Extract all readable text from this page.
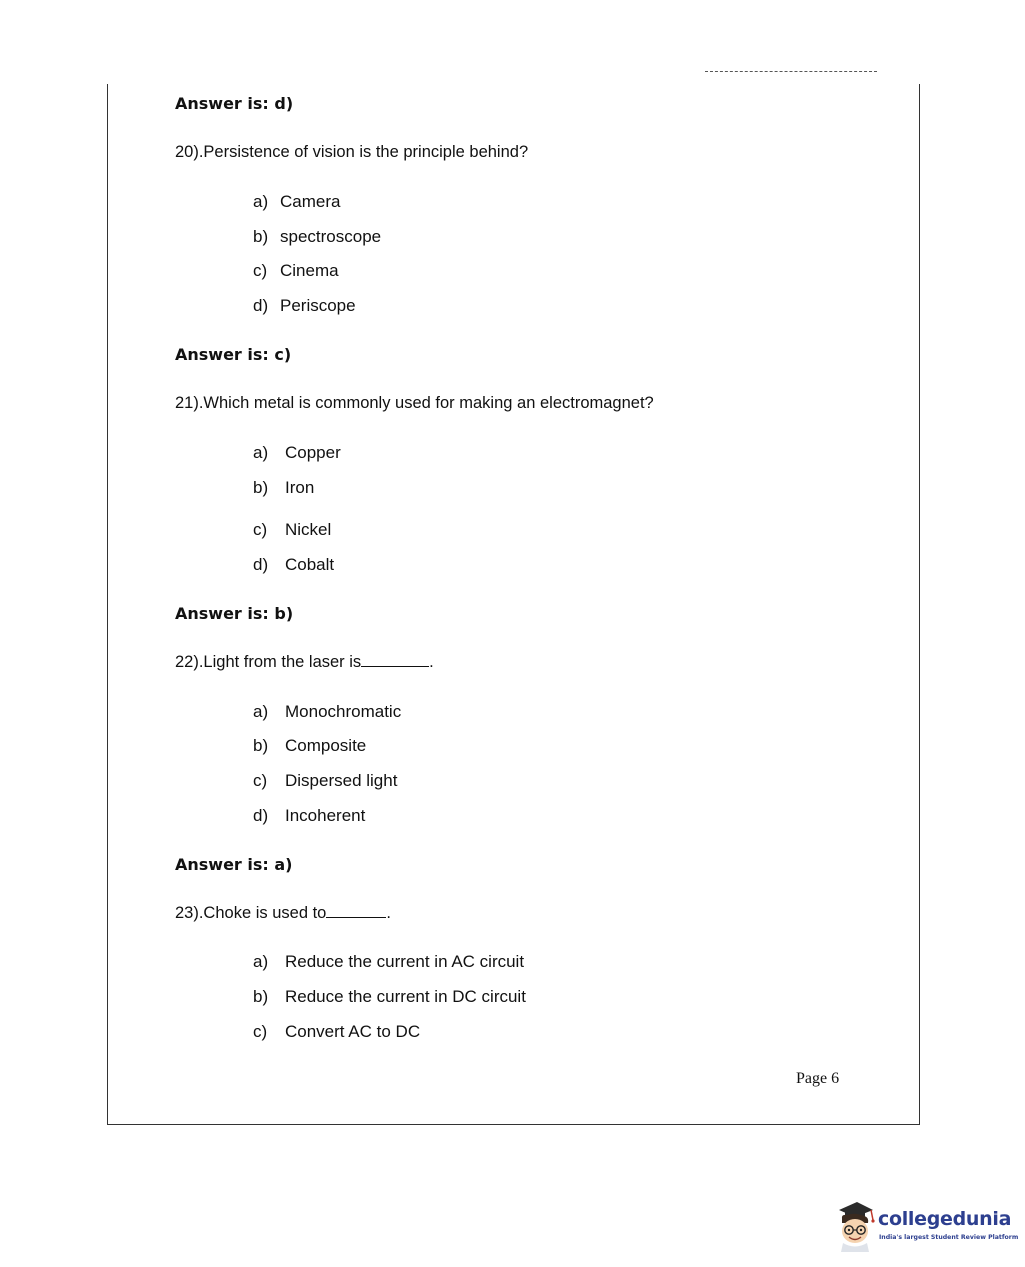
Answer is: d)
20).Persistence of vision is the principle behind?
a) Camera
b) spectroscope
c) Cinema
d) Periscope
Answer is: c)
21).Which metal is commonly used for making an electromagnet?
a) Copper
b) Iron
c) Nickel
d) Cobalt
Answer is: b)
22).Light from the laser is	.
a) Monochromatic
b) Composite
c) Dispersed light
d) Incoherent
Answer is: a)
23).Choke is used to	.
a) Reduce the current in AC circuit
b) Reduce the current in DC circuit
c) Convert AC to DC
Page 6
collegedunia
India's largest Student Review Platform
